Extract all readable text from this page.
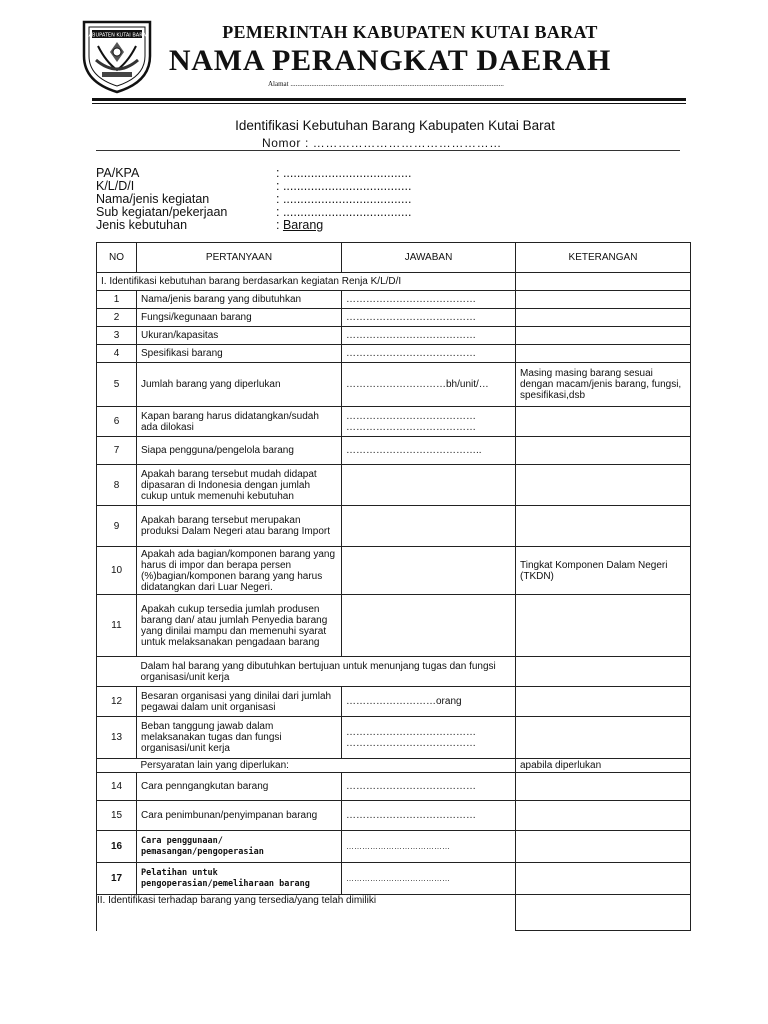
KABUPATEN KUTAI BARAT	PEMERINTAH KABUPATEN KUTAI BARAT
NAMA PERANGKAT DAERAH
Alamat ..........................................................................................................................
Identifikasi Kebutuhan Barang Kabupaten Kutai Barat
Nomor : ………………………………………
PA/KPA	: .....................................
K/L/D/I	: .....................................
Nama/jenis kegiatan	: .....................................
Sub kegiatan/pekerjaan	: .....................................
Jenis kebutuhan	: Barang
NO	PERTANYAAN	JAWABAN	KETERANGAN
I. Identifikasi kebutuhan barang berdasarkan kegiatan Renja K/L/D/I			
1	Nama/jenis barang yang dibutuhkan	…………………………………	
2	Fungsi/kegunaan barang	…………………………………	
3	Ukuran/kapasitas	…………………………………	
4	Spesifikasi barang	…………………………………	
5	Jumlah barang yang diperlukan	…………………………bh/unit/…	Masing masing barang sesuai dengan macam/jenis barang, fungsi, spesifikasi,dsb
6	Kapan barang harus didatangkan/sudah ada dilokasi	…………………………………
…………………………………	

7	Siapa pengguna/pengelola barang	…………………………………..	
8	Apakah barang tersebut mudah didapat dipasaran di Indonesia dengan jumlah cukup untuk memenuhi kebutuhan		
9	Apakah barang tersebut merupakan produksi Dalam Negeri atau barang Import		
10	Apakah ada bagian/komponen barang yang harus di impor dan berapa persen (%)bagian/komponen barang yang harus didatangkan dari Luar Negeri.		Tingkat Komponen Dalam Negeri (TKDN)
11	Apakah cukup tersedia jumlah produsen barang dan/ atau jumlah Penyedia barang yang dinilai mampu dan memenuhi syarat untuk melaksanakan pengadaan barang		
	Dalam hal barang yang dibutuhkan bertujuan untuk menunjang tugas dan fungsi organisasi/unit kerja		
12	Besaran organisasi yang dinilai dari jumlah pegawai dalam unit organisasi	………………………orang	
13	Beban tanggung jawab dalam melaksanakan tugas dan fungsi organisasi/unit kerja	…………………………………
…………………………………	

	Persyaratan lain yang diperlukan:		apabila diperlukan
14	Cara penngangkutan barang	…………………………………	
15	Cara penimbunan/penyimpanan barang	…………………………………	
16	Cara penggunaan/ pemasangan/pengoperasian	…………………………………	
17	Pelatihan untuk pengoperasian/pemeliharaan barang	…………………………………	
II. Identifikasi terhadap barang yang tersedia/yang telah dimiliki			
